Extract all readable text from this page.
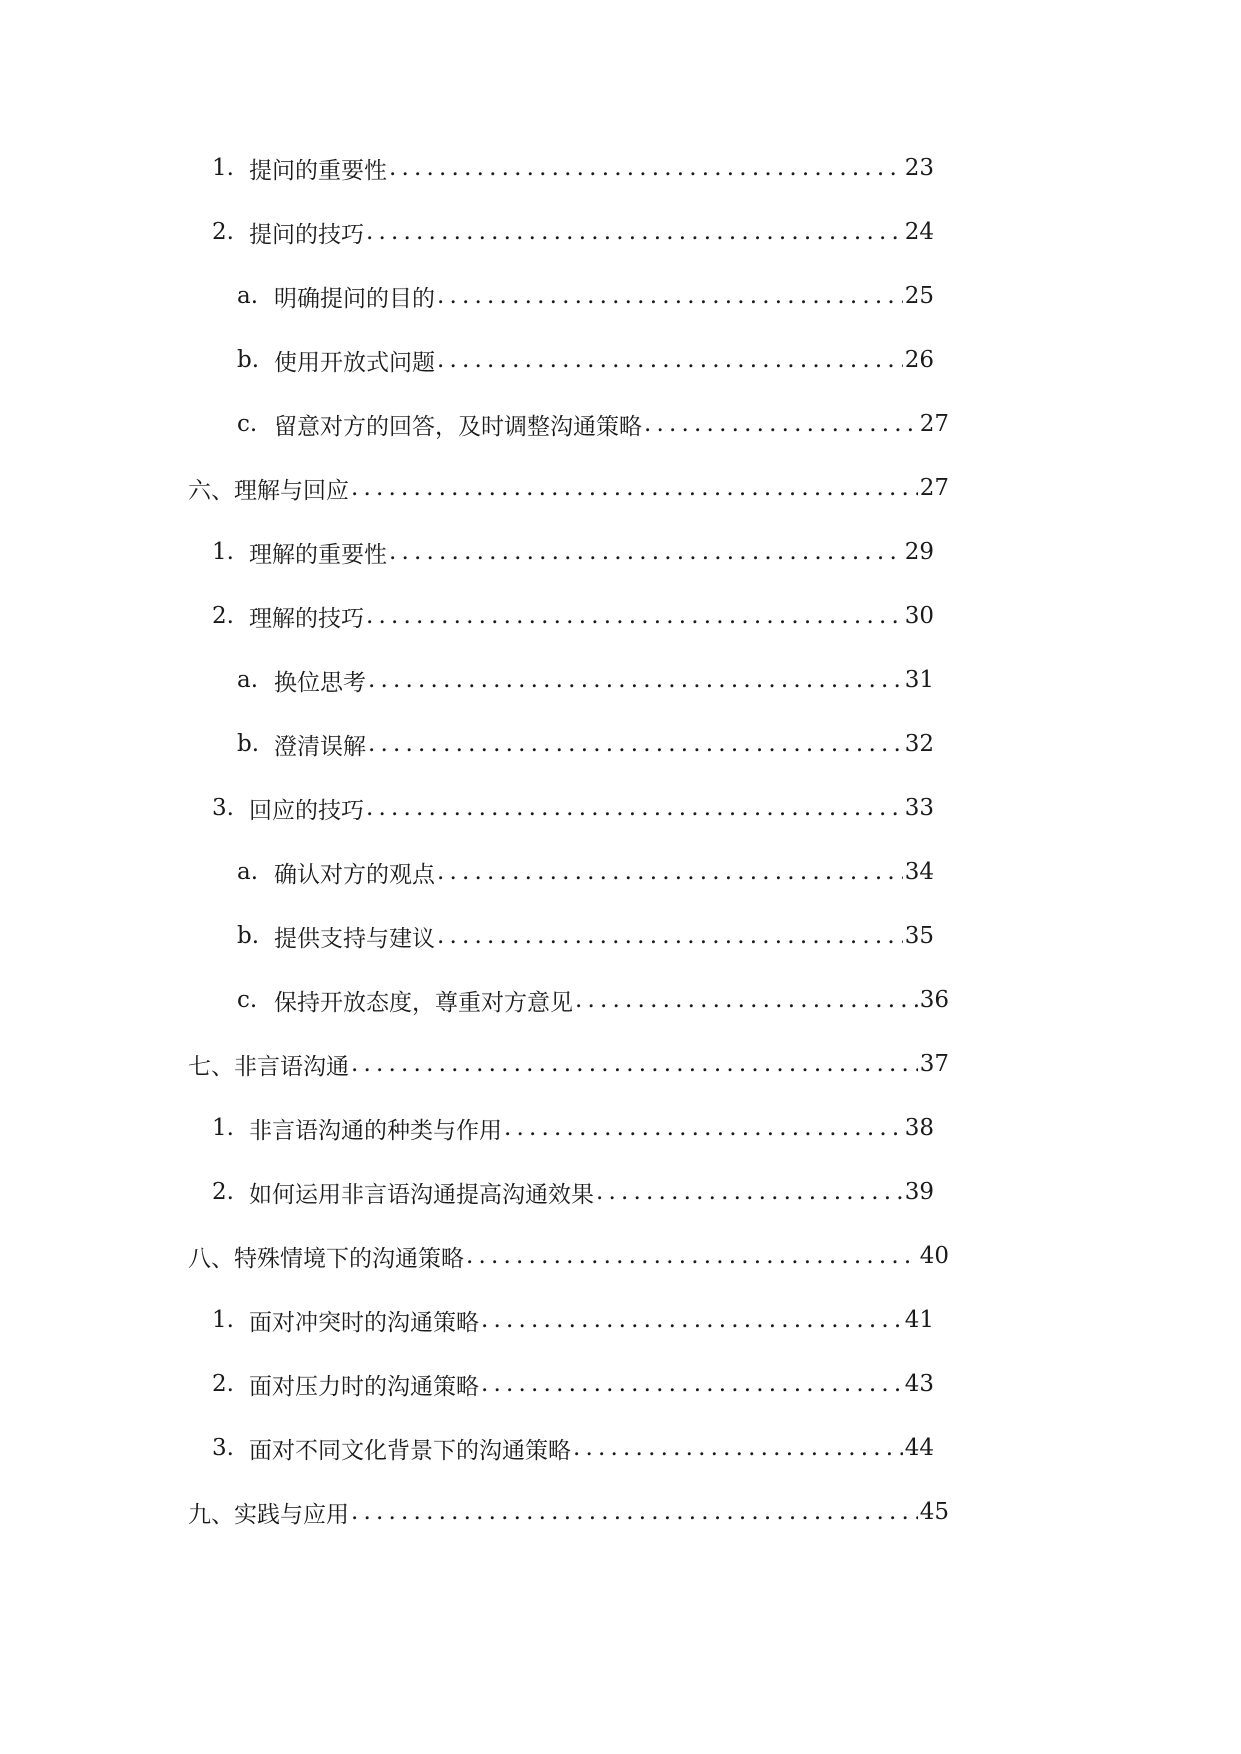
1. 提问的重要性 .....	23
2. 提问的技巧 .....	24
a. 明确提问的目的 .....	25
b. 使用开放式问题 .....	26
c. 留意对方的回答，及时调整沟通策略 .....	27
六、理解与回应 .....	27
1. 理解的重要性 .....	29
2. 理解的技巧 .....	30
a. 换位思考 .....	31
b. 澄清误解 .....	32
3. 回应的技巧 .....	33
a. 确认对方的观点 .....	34
b. 提供支持与建议 .....	35
c. 保持开放态度，尊重对方意见 .....	36
七、非言语沟通 .....	37
1. 非言语沟通的种类与作用 .....	38
2. 如何运用非言语沟通提高沟通效果 .....	39
八、特殊情境下的沟通策略 .....	40
1. 面对冲突时的沟通策略 .....	41
2. 面对压力时的沟通策略 .....	43
3. 面对不同文化背景下的沟通策略 .....	44
九、实践与应用 .....	45
